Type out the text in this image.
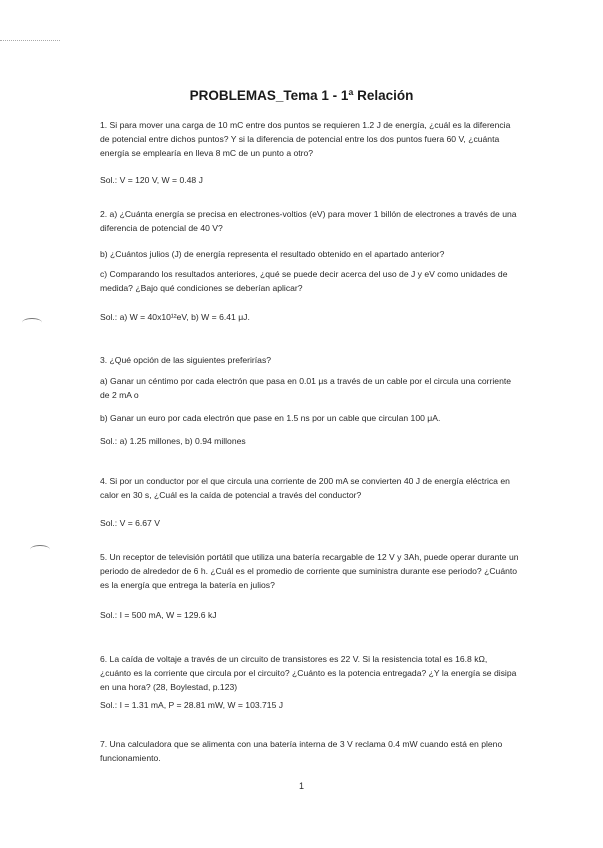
PROBLEMAS_Tema 1 - 1ª Relación

1. Si para mover una carga de 10 mC entre dos puntos se requieren 1.2 J de energía, ¿cuál es la diferencia de potencial entre dichos puntos? Y si la diferencia de potencial entre los dos puntos fuera 60 V, ¿cuánta energía se emplearía en lleva 8 mC de un punto a otro?

Sol.: V = 120 V, W = 0.48 J

2. a) ¿Cuánta energía se precisa en electrones-voltios (eV) para mover 1 billón de electrones a través de una diferencia de potencial de 40 V?

b) ¿Cuántos julios (J) de energía representa el resultado obtenido en el apartado anterior?

c) Comparando los resultados anteriores, ¿qué se puede decir acerca del uso de J y eV como unidades de medida? ¿Bajo qué condiciones se deberían aplicar?

Sol.: a) W = 40x10¹²eV, b) W = 6.41 μJ.

3. ¿Qué opción de las siguientes preferirías?

a) Ganar un céntimo por cada electrón que pasa en 0.01 μs a través de un cable por el circula una corriente de 2 mA o

b) Ganar un euro por cada electrón que pase en 1.5 ns por un cable que circulan 100 μA.

Sol.: a) 1.25 millones, b) 0.94 millones

4. Si por un conductor por el que circula una corriente de 200 mA se convierten 40 J de energía eléctrica en calor en 30 s, ¿Cuál es la caída de potencial a través del conductor?

Sol.: V = 6.67 V

5. Un receptor de televisión portátil que utiliza una batería recargable de 12 V y 3Ah, puede operar durante un periodo de alrededor de 6 h. ¿Cuál es el promedio de corriente que suministra durante ese periodo? ¿Cuánto es la energía que entrega la batería en julios?

Sol.: I = 500 mA, W = 129.6 kJ

6. La caída de voltaje a través de un circuito de transistores es 22 V. Si la resistencia total es 16.8 kΩ, ¿cuánto es la corriente que circula por el circuito? ¿Cuánto es la potencia entregada? ¿Y la energía se disipa en una hora? (28, Boylestad, p.123)

Sol.: I = 1.31 mA, P = 28.81 mW, W = 103.715 J

7. Una calculadora que se alimenta con una batería interna de 3 V reclama 0.4 mW cuando está en pleno funcionamiento.

1
